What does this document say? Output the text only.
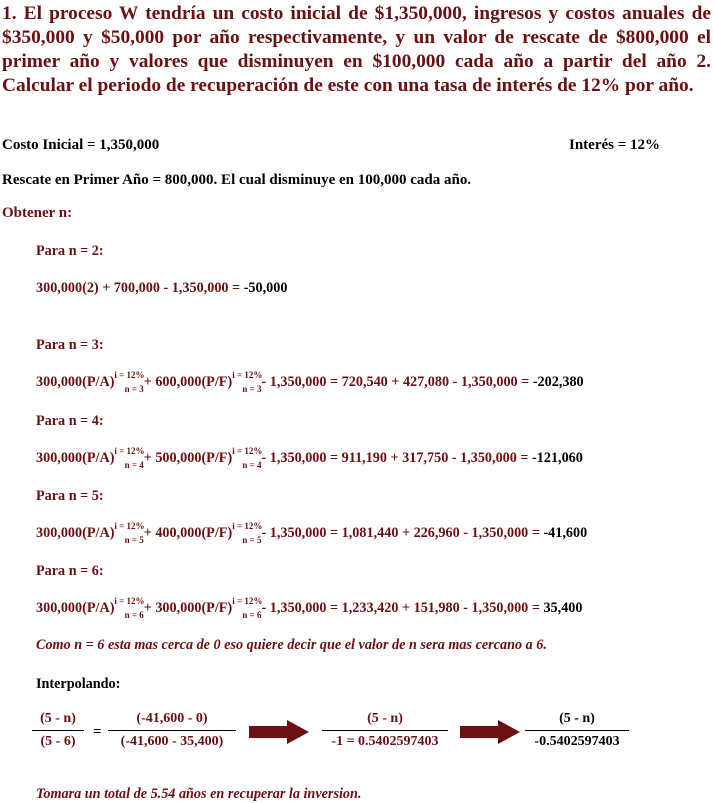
1. El proceso W tendría un costo inicial de $1,350,000, ingresos y costos anuales de $350,000 y $50,000 por año respectivamente, y un valor de rescate de $800,000 el primer año y valores que disminuyen en $100,000 cada año a partir del año 2. Calcular el periodo de recuperación de este con una tasa de interés de 12% por año.
Costo Inicial = 1,350,000	Interés = 12%
Rescate en Primer Año = 800,000. El cual disminuye en 100,000 cada año.
Obtener n:
Para n = 2:
300,000(2) + 700,000 - 1,350,000 = -50,000
Para n = 3:
$300,000(P/A)^{i = 12\%}_{n = 3}+ 600,000(P/F)^{i = 12\%}_{n = 3}-$ 1,350,000 = 720,540 + 427,080 - 1,350,000 = -202,380
Para n = 4:
$300,000(P/A)^{i = 12\%}_{n = 4}+ 500,000(P/F)^{i = 12\%}_{n = 4}-$ 1,350,000 = 911,190 + 317,750 - 1,350,000 = -121,060
Para n = 5:
$300,000(P/A)^{i = 12\%}_{n = 5}+ 400,000(P/F)^{i = 12\%}_{n = 5}-$ 1,350,000 = 1,081,440 + 226,960 - 1,350,000 = -41,600
Para n = 6:
$300,000(P/A)^{i = 12\%}_{n = 6}+ 300,000(P/F)^{i = 12\%}_{n = 6}-$ 1,350,000 = 1,233,420 + 151,980 - 1,350,000 = 35,400
Como n = 6 esta mas cerca de 0 eso quiere decir que el valor de n sera mas cercano a 6.
Interpolando:
(5 - n)
(5 - 6)
=
(-41,600 - 0)
(-41,600 - 35,400)
(5 - n)
-1 = 0.5402597403
(5 - n)
-0.5402597403
Tomara un total de 5.54 años en recuperar la inversion.
